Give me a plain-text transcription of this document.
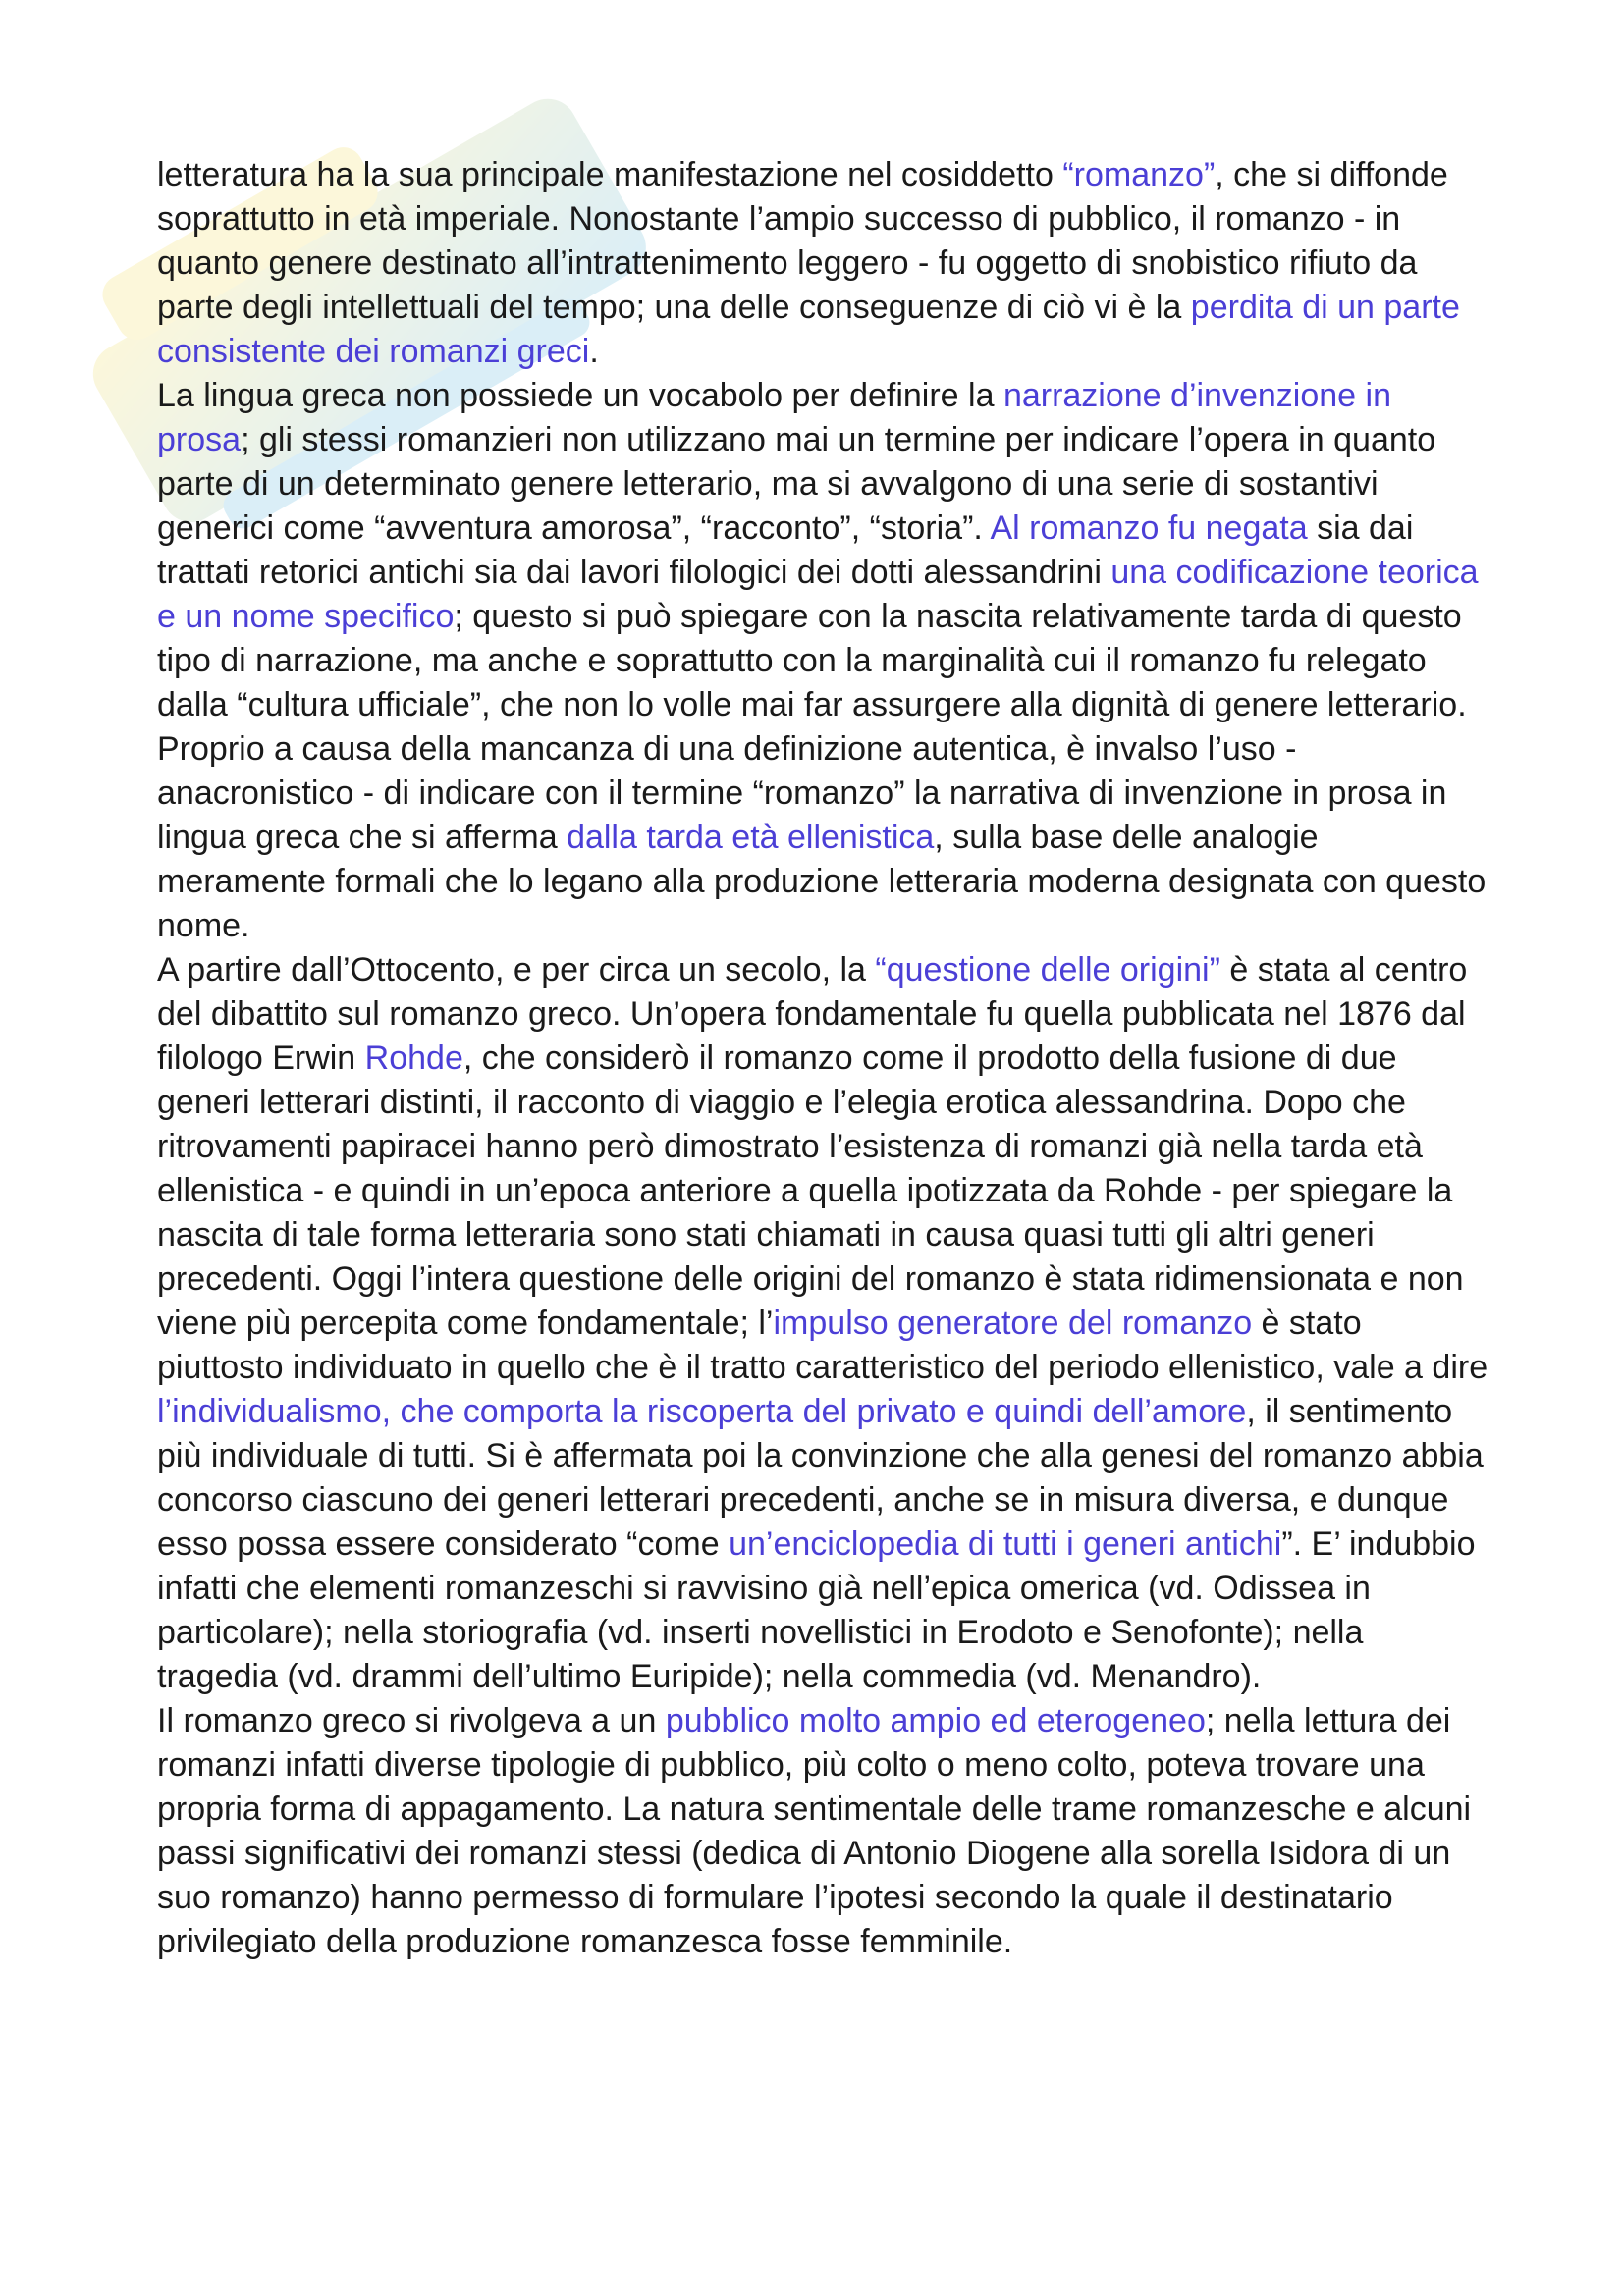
letteratura ha la sua principale manifestazione nel cosiddetto “romanzo”, che si diffonde soprattutto in età imperiale. Nonostante l’ampio successo di pubblico, il romanzo - in quanto genere destinato all’intrattenimento leggero - fu oggetto di snobistico rifiuto da parte degli intellettuali del tempo; una delle conseguenze di ciò vi è la perdita di un parte consistente dei romanzi greci.

La lingua greca non possiede un vocabolo per definire la narrazione d’invenzione in prosa; gli stessi romanzieri non utilizzano mai un termine per indicare l’opera in quanto parte di un determinato genere letterario, ma si avvalgono di una serie di sostantivi generici come “avventura amorosa”, “racconto”, “storia”. Al romanzo fu negata sia dai trattati retorici antichi sia dai lavori filologici dei dotti alessandrini una codificazione teorica e un nome specifico; questo si può spiegare con la nascita relativamente tarda di questo tipo di narrazione, ma anche e soprattutto con la marginalità cui il romanzo fu relegato dalla “cultura ufficiale”, che non lo volle mai far assurgere alla dignità di genere letterario.

Proprio a causa della mancanza di una definizione autentica, è invalso l’uso - anacronistico - di indicare con il termine “romanzo” la narrativa di invenzione in prosa in lingua greca che si afferma dalla tarda età ellenistica, sulla base delle analogie meramente formali che lo legano alla produzione letteraria moderna designata con questo nome.

A partire dall’Ottocento, e per circa un secolo, la “questione delle origini” è stata al centro del dibattito sul romanzo greco. Un’opera fondamentale fu quella pubblicata nel 1876 dal filologo Erwin Rohde, che considerò il romanzo come il prodotto della fusione di due generi letterari distinti, il racconto di viaggio e l’elegia erotica alessandrina. Dopo che ritrovamenti papiracei hanno però dimostrato l’esistenza di romanzi già nella tarda età ellenistica - e quindi in un’epoca anteriore a quella ipotizzata da Rohde - per spiegare la nascita di tale forma letteraria sono stati chiamati in causa quasi tutti gli altri generi precedenti. Oggi l’intera questione delle origini del romanzo è stata ridimensionata e non viene più percepita come fondamentale; l’impulso generatore del romanzo è stato piuttosto individuato in quello che è il tratto caratteristico del periodo ellenistico, vale a dire l’individualismo, che comporta la riscoperta del privato e quindi dell’amore, il sentimento più individuale di tutti. Si è affermata poi la convinzione che alla genesi del romanzo abbia concorso ciascuno dei generi letterari precedenti, anche se in misura diversa, e dunque esso possa essere considerato “come un’enciclopedia di tutti i generi antichi”. E’ indubbio infatti che elementi romanzeschi si ravvisino già nell’epica omerica (vd. Odissea in particolare); nella storiografia (vd. inserti novellistici in Erodoto e Senofonte); nella tragedia (vd. drammi dell’ultimo Euripide); nella commedia (vd. Menandro).

Il romanzo greco si rivolgeva a un pubblico molto ampio ed eterogeneo; nella lettura dei romanzi infatti diverse tipologie di pubblico, più colto o meno colto, poteva trovare una propria forma di appagamento. La natura sentimentale delle trame romanzesche e alcuni passi significativi dei romanzi stessi (dedica di Antonio Diogene alla sorella Isidora di un suo romanzo) hanno permesso di formulare l’ipotesi secondo la quale il destinatario privilegiato della produzione romanzesca fosse femminile.
